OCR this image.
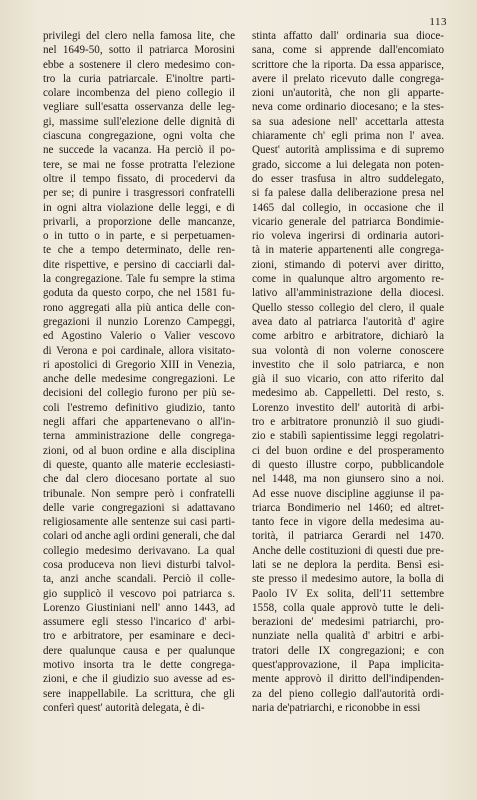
113
privilegi del clero nella famosa lite, che
nel 1649-50, sotto il patriarca Morosini
ebbe a sostenere il clero medesimo con-
tro la curia patriarcale. E'inoltre parti-
colare incombenza del pieno collegio il
vegliare sull'esatta osservanza delle leg-
gi, massime sull'elezione delle dignità di
ciascuna congregazione, ogni volta che
ne succede la vacanza. Ha perciò il po-
tere, se mai ne fosse protratta l'elezione
oltre il tempo fissato, di procedervi da
per se; di punire i trasgressori confratelli
in ogni altra violazione delle leggi, e di
privarli, a proporzione delle mancanze,
o in tutto o in parte, e si perpetuamen-
te che a tempo determinato, delle ren-
dite rispettive, e persino di cacciarli dal-
la congregazione. Tale fu sempre la stima
goduta da questo corpo, che nel 1581 fu-
rono aggregati alla più antica delle con-
gregazioni il nunzio Lorenzo Campeggi,
ed Agostino Valerio o Valier vescovo
di Verona e poi cardinale, allora visitato-
ri apostolici di Gregorio XIII in Venezia,
anche delle medesime congregazioni. Le
decisioni del collegio furono per più se-
coli l'estremo definitivo giudizio, tanto
negli affari che appartenevano o all'in-
terna amministrazione delle congrega-
zioni, od al buon ordine e alla disciplina
di queste, quanto alle materie ecclesiasti-
che dal clero diocesano portate al suo
tribunale. Non sempre però i confratelli
delle varie congregazioni si adattavano
religiosamente alle sentenze sui casi parti-
colari od anche agli ordini generali, che dal
collegio medesimo derivavano. La qual
cosa produceva non lievi disturbi talvol-
ta, anzi anche scandali. Perciò il colle-
gio supplicò il vescovo poi patriarca s.
Lorenzo Giustiniani nell' anno 1443, ad
assumere egli stesso l'incarico d' arbi-
tro e arbitratore, per esaminare e deci-
dere qualunque causa e per qualunque
motivo insorta tra le dette congrega-
zioni, e che il giudizio suo avesse ad es-
sere inappellabile. La scrittura, che gli
conferì quest' autorità delegata, è di-
stinta affatto dall' ordinaria sua dioce-
sana, come si apprende dall'encomiato
scrittore che la riporta. Da essa apparisce,
avere il prelato ricevuto dalle congrega-
zioni un'autorità, che non gli apparte-
neva come ordinario diocesano; e la stes-
sa sua adesione nell' accettarla attesta
chiaramente ch' egli prima non l' avea.
Quest' autorità amplissima e di supremo
grado, siccome a lui delegata non poten-
do esser trasfusa in altro suddelegato,
si fa palese dalla deliberazione presa nel
1465 dal collegio, in occasione che il
vicario generale del patriarca Bondimie-
rio voleva ingerirsi di ordinaria autori-
tà in materie appartenenti alle congrega-
zioni, stimando di potervi aver diritto,
come in qualunque altro argomento re-
lativo all'amministrazione della diocesi.
Quello stesso collegio del clero, il quale
avea dato al patriarca l'autorità d' agire
come arbitro e arbitratore, dichiarò la
sua volontà di non volerne conoscere
investito che il solo patriarca, e non
già il suo vicario, con atto riferito dal
medesimo ab. Cappelletti. Del resto, s.
Lorenzo investito dell' autorità di arbi-
tro e arbitratore pronunziò il suo giudi-
zio e stabilì sapientissime leggi regolatri-
ci del buon ordine e del prosperamento
di questo illustre corpo, pubblicandole
nel 1448, ma non giunsero sino a noi.
Ad esse nuove discipline aggiunse il pa-
triarca Bondimerio nel 1460; ed altret-
tanto fece in vigore della medesima au-
torità, il patriarca Gerardi nel 1470.
Anche delle costituzioni di questi due pre-
lati se ne deplora la perdita. Bensì esi-
ste presso il medesimo autore, la bolla di
Paolo IV Ex solita, dell'11 settembre
1558, colla quale approvò tutte le deli-
berazioni de' medesimi patriarchi, pro-
nunziate nella qualità d' arbitri e arbi-
tratori delle IX congregazioni; e con
quest'approvazione, il Papa implicita-
mente approvò il diritto dell'indipenden-
za del pieno collegio dall'autorità ordi-
naria de'patriarchi, e riconobbe in essi
